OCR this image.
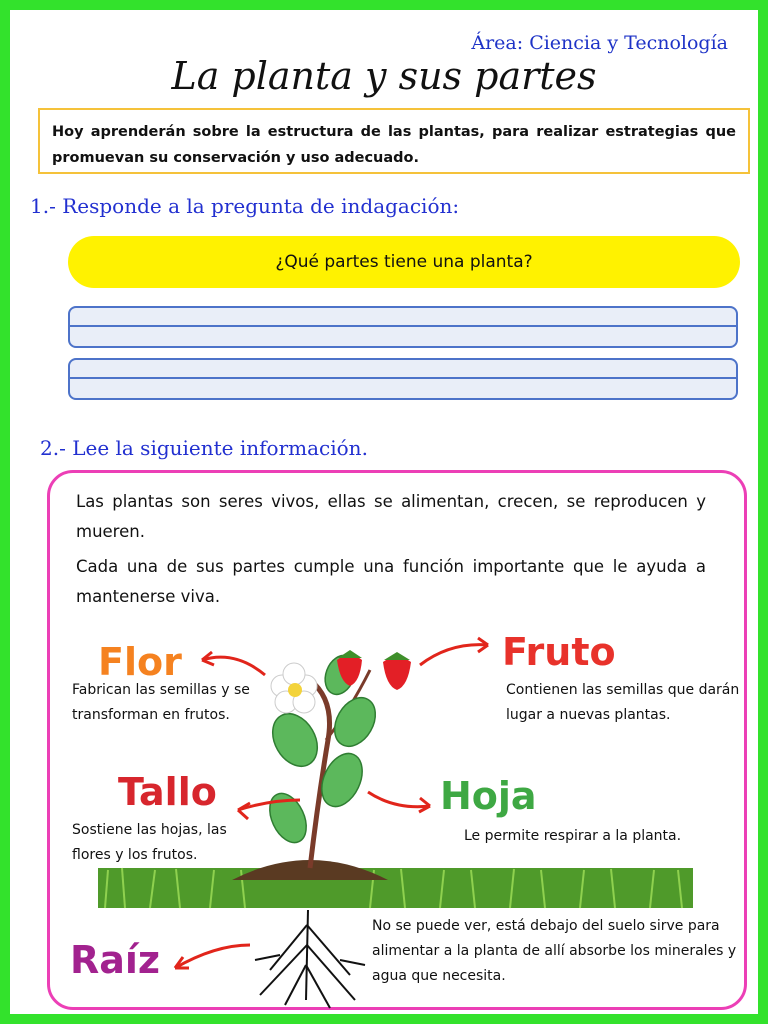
Área: Ciencia y Tecnología
La planta y sus partes
Hoy aprenderán sobre la estructura de las plantas, para realizar estrategias que promuevan su conservación y uso adecuado.
1.- Responde a la pregunta de indagación:
¿Qué partes tiene una planta?
2.- Lee la siguiente información.
Las plantas son seres vivos, ellas se alimentan, crecen, se reproducen y mueren.
Cada una de sus partes cumple una función importante que le ayuda a mantenerse viva.
Flor	Fruto
Tallo	Hoja
Raíz
Fabrican las semillas y se transforman en frutos.
Contienen las semillas que darán lugar a nuevas plantas.
Sostiene las hojas, las flores y los frutos.
Le permite respirar a la planta.
No se puede ver, está debajo del suelo sirve para alimentar a la planta de allí absorbe los minerales y agua que necesita.
